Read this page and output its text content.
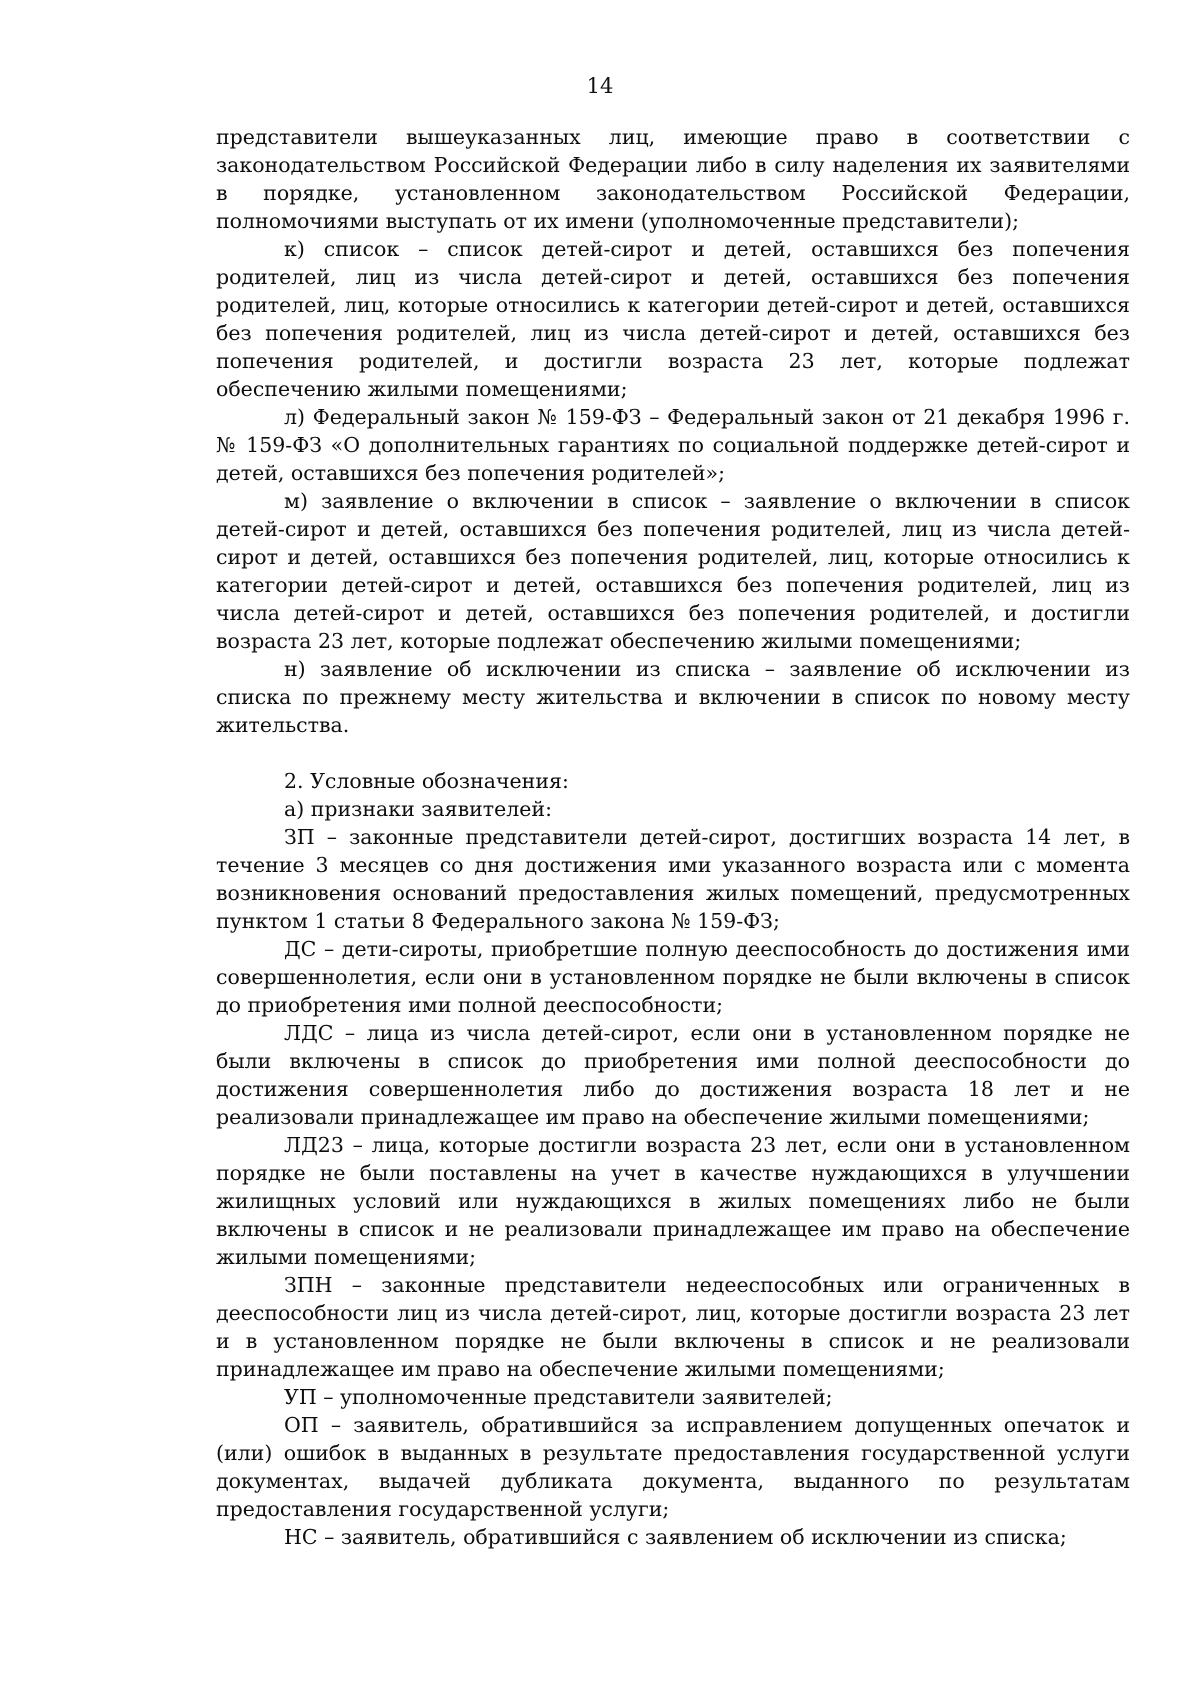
14

представители вышеуказанных лиц, имеющие право в соответствии с законодательством Российской Федерации либо в силу наделения их заявителями в порядке, установленном законодательством Российской Федерации, полномочиями выступать от их имени (уполномоченные представители);

к) список – список детей-сирот и детей, оставшихся без попечения родителей, лиц из числа детей-сирот и детей, оставшихся без попечения родителей, лиц, которые относились к категории детей-сирот и детей, оставшихся без попечения родителей, лиц из числа детей-сирот и детей, оставшихся без попечения родителей, и достигли возраста 23 лет, которые подлежат обеспечению жилыми помещениями;

л) Федеральный закон № 159-ФЗ – Федеральный закон от 21 декабря 1996 г. № 159-ФЗ «О дополнительных гарантиях по социальной поддержке детей-сирот и детей, оставшихся без попечения родителей»;

м) заявление о включении в список – заявление о включении в список детей-сирот и детей, оставшихся без попечения родителей, лиц из числа детей-сирот и детей, оставшихся без попечения родителей, лиц, которые относились к категории детей-сирот и детей, оставшихся без попечения родителей, лиц из числа детей-сирот и детей, оставшихся без попечения родителей, и достигли возраста 23 лет, которые подлежат обеспечению жилыми помещениями;

н) заявление об исключении из списка – заявление об исключении из списка по прежнему месту жительства и включении в список по новому месту жительства.

2. Условные обозначения:

а) признаки заявителей:

ЗП – законные представители детей-сирот, достигших возраста 14 лет, в течение 3 месяцев со дня достижения ими указанного возраста или с момента возникновения оснований предоставления жилых помещений, предусмотренных пунктом 1 статьи 8 Федерального закона № 159-ФЗ;

ДС – дети-сироты, приобретшие полную дееспособность до достижения ими совершеннолетия, если они в установленном порядке не были включены в список до приобретения ими полной дееспособности;

ЛДС – лица из числа детей-сирот, если они в установленном порядке не были включены в список до приобретения ими полной дееспособности до достижения совершеннолетия либо до достижения возраста 18 лет и не реализовали принадлежащее им право на обеспечение жилыми помещениями;

ЛД23 – лица, которые достигли возраста 23 лет, если они в установленном порядке не были поставлены на учет в качестве нуждающихся в улучшении жилищных условий или нуждающихся в жилых помещениях либо не были включены в список и не реализовали принадлежащее им право на обеспечение жилыми помещениями;

ЗПН – законные представители недееспособных или ограниченных в дееспособности лиц из числа детей-сирот, лиц, которые достигли возраста 23 лет и в установленном порядке не были включены в список и не реализовали принадлежащее им право на обеспечение жилыми помещениями;

УП – уполномоченные представители заявителей;

ОП – заявитель, обратившийся за исправлением допущенных опечаток и (или) ошибок в выданных в результате предоставления государственной услуги документах, выдачей дубликата документа, выданного по результатам предоставления государственной услуги;

НС – заявитель, обратившийся с заявлением об исключении из списка;
